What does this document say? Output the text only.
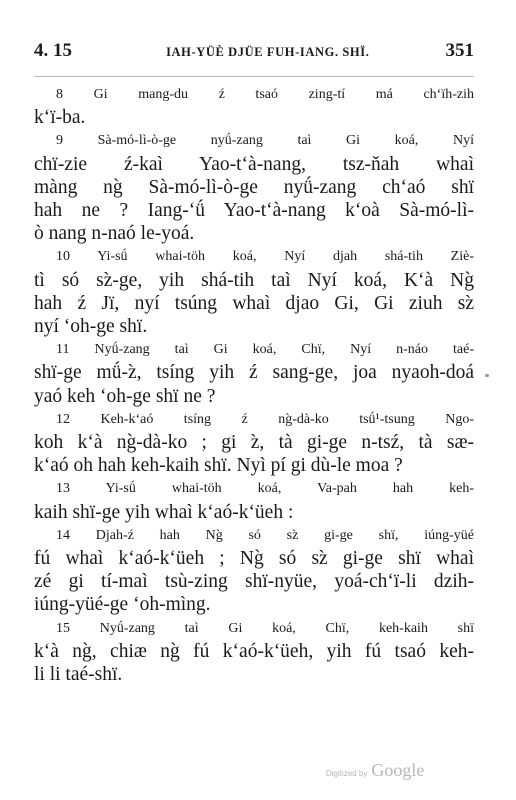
4. 15	IAH-YÜÈ DJÜE FUH-IANG. SHÏ.	351

8 Gi mang-du ź tsaó zing-tí má ch‘ïh-zih
k‘ï-ba.

9 Sà-mó-lì-ò-ge nyǘ-zang taì Gi koá, Nyí
chï-zie ź-kaì Yao-t‘à-nang, tsz-ňah whaì
màng ng̀ Sà-mó-lì-ò-ge nyǘ-zang ch‘aó shï
hah ne ? Iang-‘ǘ Yao-t‘à-nang k‘oà Sà-mó-lì-
ò nang n-naó le-yoá.

10 Yi-sǘ whai-töh koá, Nyí djah shá-tih Ziè-
tì só sz̀-ge, yih shá-tih taì Nyí koá, K‘à Ng̀
hah ź Jï, nyí tsúng whaì djao Gi, Gi ziuh sz̀
nyí ‘oh-ge shï.

11 Nyǘ-zang taì Gi koá, Chï, Nyí n-náo taé-
shï-ge mǘ-z̀, tsíng yih ź sang-ge, joa nyaoh-doá
yaó keh ‘oh-ge shï ne ?

12 Keh-k‘aó tsíng ź ng̀-dà-ko tsǘ¹-tsung Ngo-
koh k‘à ng̀-dà-ko ; gi z̀, tà gi-ge n-tsź, tà sæ-
k‘aó oh hah keh-kaih shï. Nyì pí gi dù-le moa ?

13 Yi-sǘ whai-töh koá, Va-pah hah keh-
kaih shï-ge yih whaì k‘aó-k‘üeh :

14 Djah-ź hah Ng̀ só sz̀ gi-ge shï, iúng-yüé
fú whaì k‘aó-k‘üeh ; Ng̀ só sz̀ gi-ge shï whaì
zé gi tí-maì tsù-zing shï-nyüe, yoá-ch‘ï-li dzih-
iúng-yüé-ge ‘oh-mìng.

15 Nyǘ-zang taì Gi koá, Chï, keh-kaih shï
k‘à ng̀, chiæ ng̀ fú k‘aó-k‘üeh, yih fú tsaó keh-
li li taé-shï.

Digitized by Google
